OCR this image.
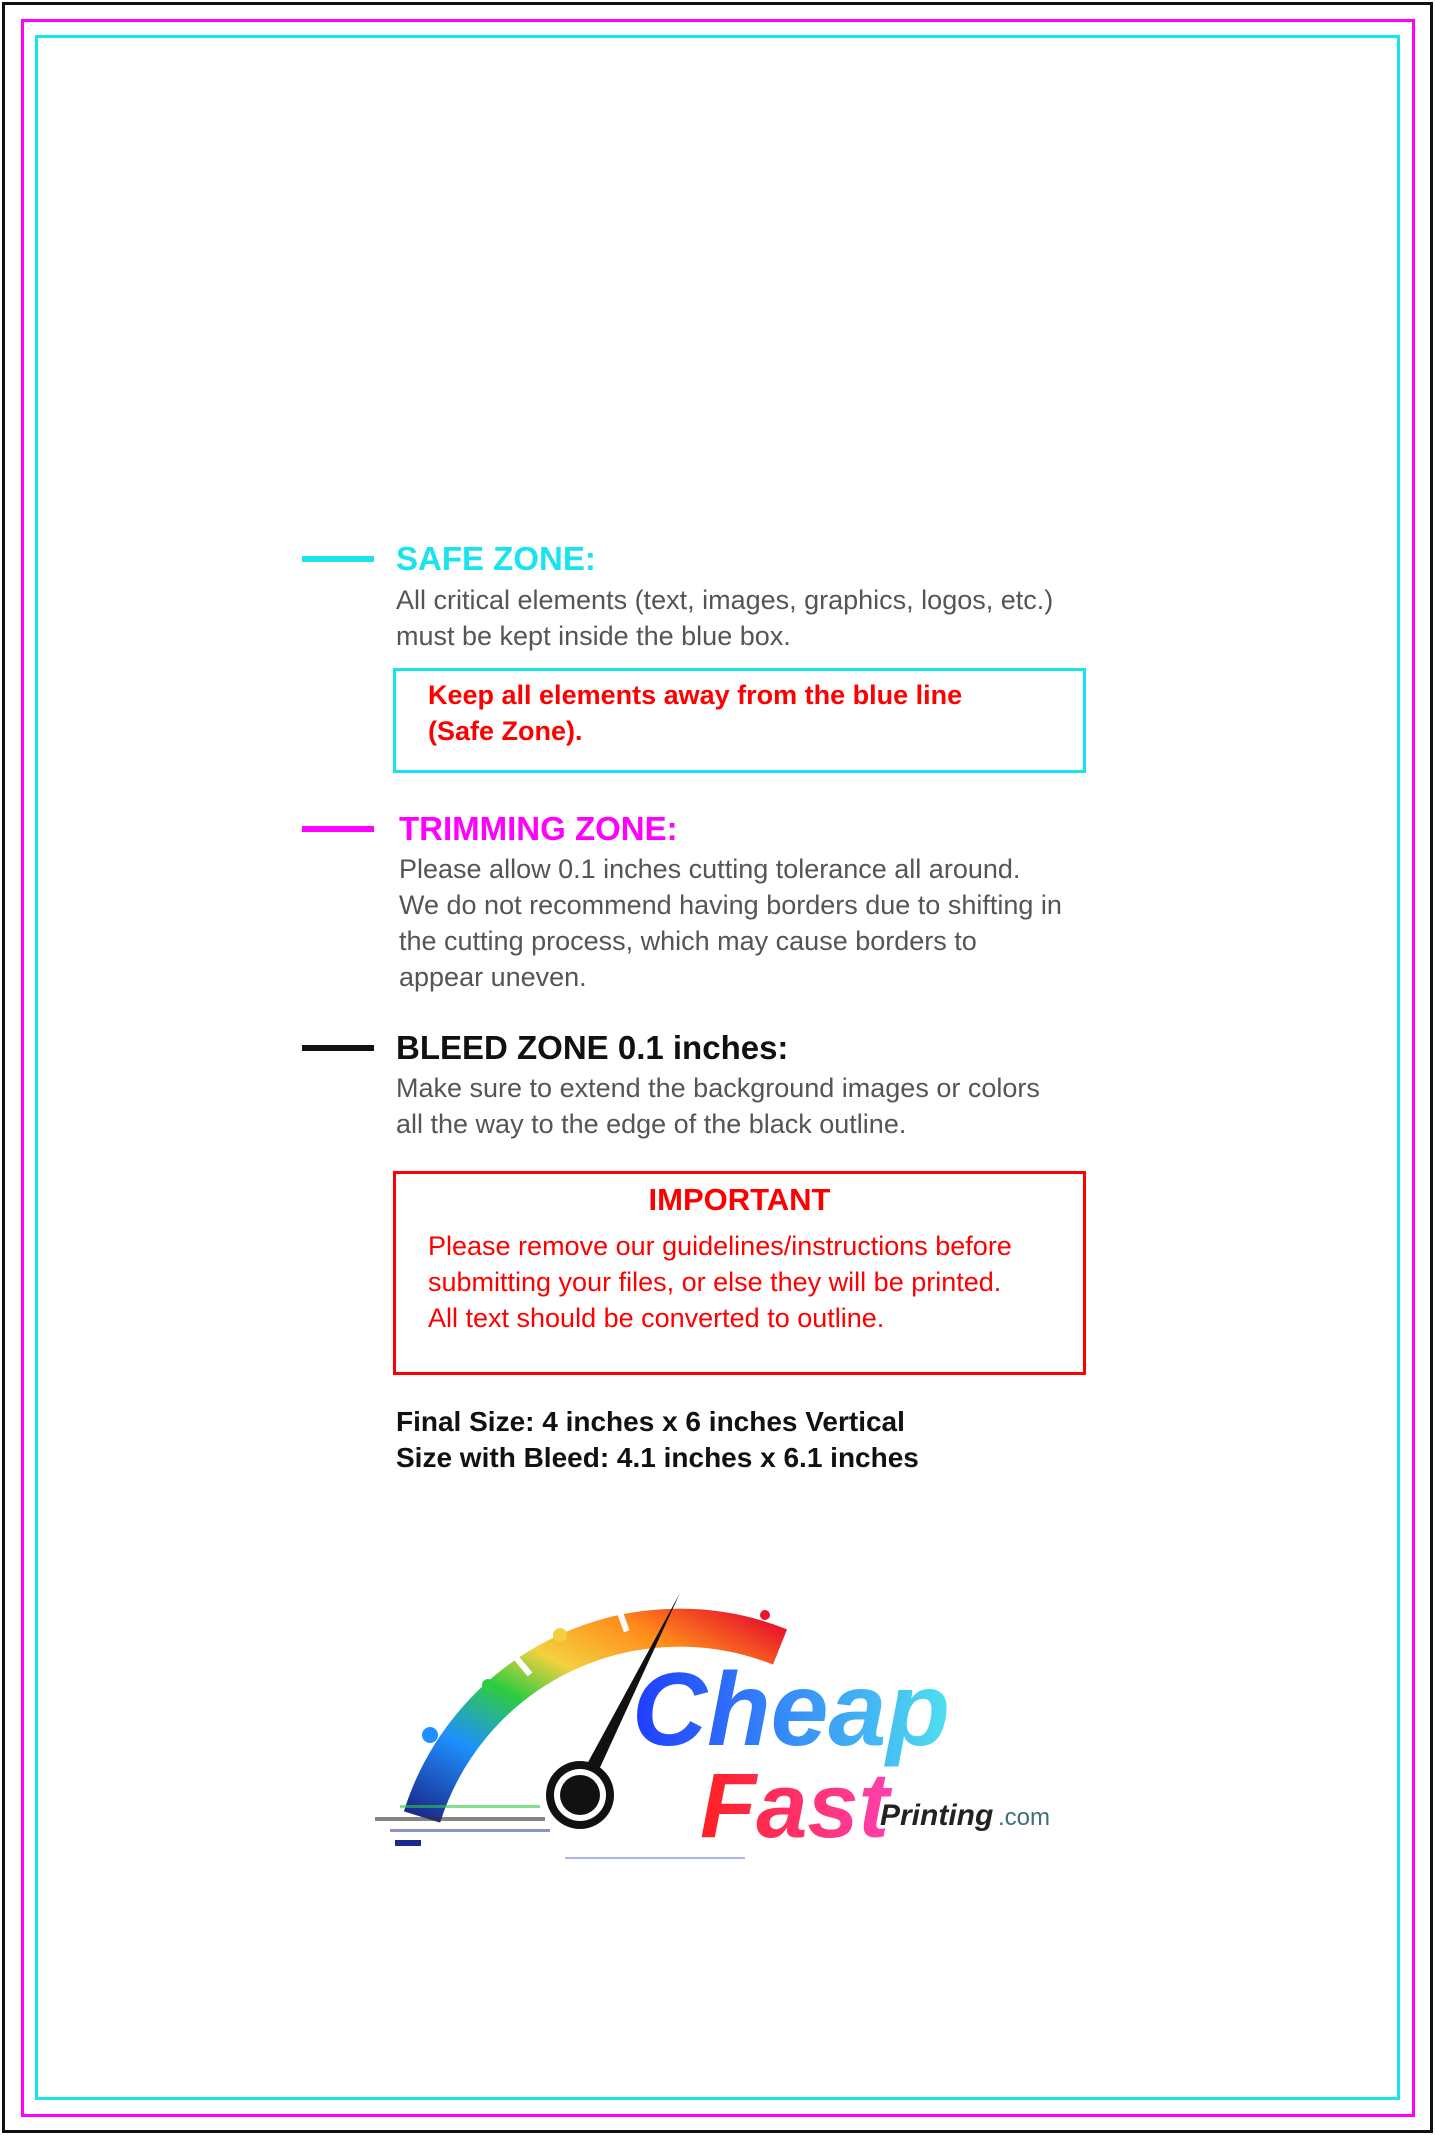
SAFE ZONE:
All critical elements (text, images, graphics, logos, etc.)
must be kept inside the blue box.
Keep all elements away from the blue line
(Safe Zone).
TRIMMING ZONE:
Please allow 0.1 inches cutting tolerance all around.
We do not recommend having borders due to shifting in
the cutting process, which may cause borders to
appear uneven.
BLEED ZONE 0.1 inches:
Make sure to extend the background images or colors
all the way to the edge of the black outline.
IMPORTANT
Please remove our guidelines/instructions before
submitting your files, or else they will be printed.
All text should be converted to outline.
Final Size: 4 inches x 6 inches Vertical
Size with Bleed: 4.1 inches x 6.1 inches
Cheap
Fast
Printing .com
